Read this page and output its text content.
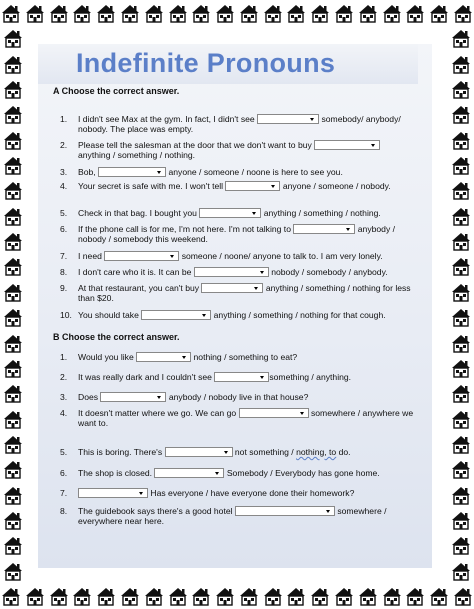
Indefinite Pronouns
A Choose the correct answer.
1. I didn't see Max at the gym. In fact, I didn't see	somebody/ anybody/ nobody. The place was empty.
2. Please tell the salesman at the door that we don't want to buy
anything / something / nothing.
3. Bob,	anyone / someone / noone is here to see you.
4. Your secret is safe with me. I won't tell	anyone / someone / nobody.
5. Check in that bag. I bought you	anything / something / nothing.
6. If the phone call is for me, I'm not here. I'm not talking to	anybody / nobody / somebody this weekend.
7. I need	someone / noone/ anyone to talk to. I am very lonely.
8. I don't care who it is. It can be	nobody / somebody / anybody.
9. At that restaurant, you can't buy	anything / something / nothing for less than $20.
10. You should take	anything / something / nothing for that cough.
B Choose the correct answer.
1. Would you like	nothing / something to eat?
2. It was really dark and I couldn't see	something / anything.
3. Does	anybody / nobody live in that house?
4. It doesn't matter where we go. We can go	somewhere / anywhere we want to.
5. This is boring. There's	not something / nothing, to do.
6. The shop is closed.	Somebody / Everybody has gone home.
7.	Has everyone / have everyone done their homework?
8. The guidebook says there's a good hotel	somewhere / everywhere near here.
